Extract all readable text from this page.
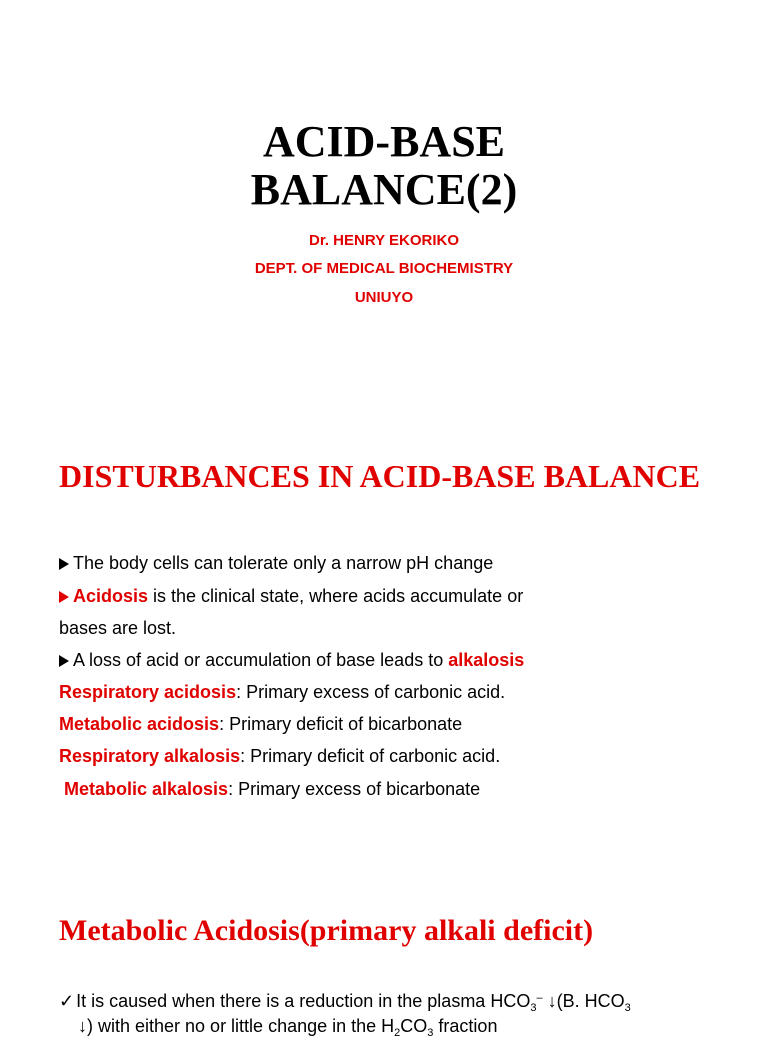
ACID-BASE
BALANCE(2)
Dr. HENRY EKORIKO
DEPT. OF MEDICAL BIOCHEMISTRY
UNIUYO
DISTURBANCES IN ACID-BASE BALANCE
The body cells can tolerate only a narrow pH change
Acidosis is the clinical state, where acids accumulate or
bases are lost.
A loss of acid or accumulation of base leads to alkalosis
Respiratory acidosis: Primary excess of carbonic acid.
Metabolic acidosis: Primary deficit of bicarbonate
Respiratory alkalosis: Primary deficit of carbonic acid.
Metabolic alkalosis: Primary excess of bicarbonate
Metabolic Acidosis(primary alkali deficit)
✓ It is caused when there is a reduction in the plasma $HCO_3^-$ ↓(B. $HCO_3$
↓) with either no or little change in the $H_2CO_3$ fraction
